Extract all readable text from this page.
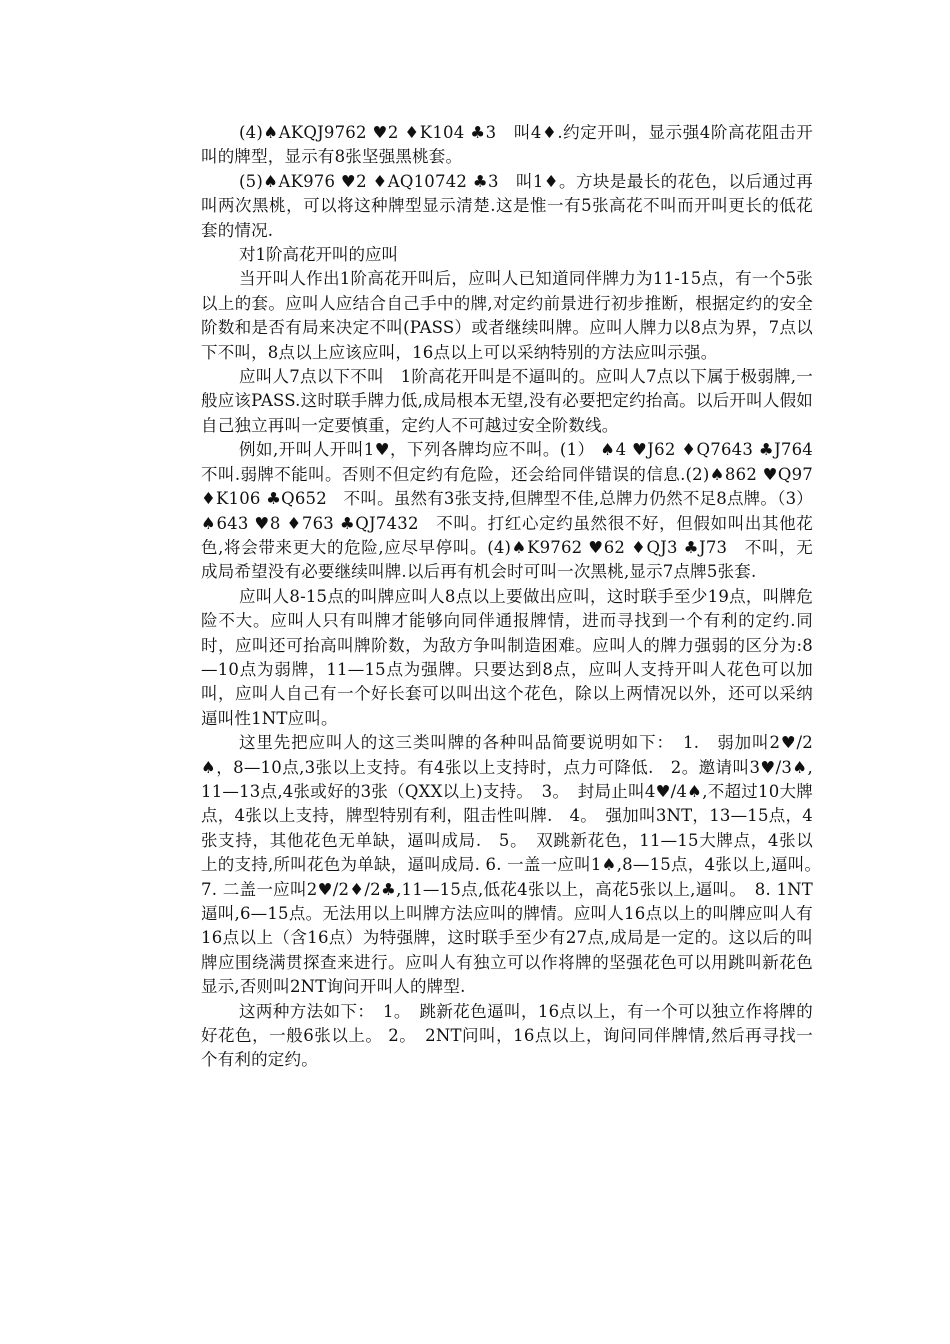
(4)♠AKQJ9762 ♥2 ♦K104 ♣3　叫4♦.约定开叫，显示强4阶高花阻击开叫的牌型，显示有8张坚强黑桃套。

(5)♠AK976 ♥2 ♦AQ10742 ♣3　叫1♦。方块是最长的花色，以后通过再叫两次黑桃，可以将这种牌型显示清楚.这是惟一有5张高花不叫而开叫更长的低花套的情况.

对1阶高花开叫的应叫

当开叫人作出1阶高花开叫后，应叫人已知道同伴牌力为11-15点，有一个5张以上的套。应叫人应结合自己手中的牌,对定约前景进行初步推断，根据定约的安全阶数和是否有局来决定不叫(PASS）或者继续叫牌。应叫人牌力以8点为界，7点以下不叫，8点以上应该应叫，16点以上可以采纳特别的方法应叫示强。

应叫人7点以下不叫　1阶高花开叫是不逼叫的。应叫人7点以下属于极弱牌,一般应该PASS.这时联手牌力低,成局根本无望,没有必要把定约抬高。以后开叫人假如自己独立再叫一定要慎重，定约人不可越过安全阶数线。

例如,开叫人开叫1♥，下列各牌均应不叫。(1） ♠4 ♥J62 ♦Q7643 ♣J764　不叫.弱牌不能叫。否则不但定约有危险，还会给同伴错误的信息.(2)♠862 ♥Q97 ♦K106 ♣Q652　不叫。虽然有3张支持,但牌型不佳,总牌力仍然不足8点牌。（3） ♠643 ♥8 ♦763 ♣QJ7432　不叫。打红心定约虽然很不好，但假如叫出其他花色,将会带来更大的危险,应尽早停叫。(4)♠K9762 ♥62 ♦QJ3 ♣J73　不叫，无成局希望没有必要继续叫牌.以后再有机会时可叫一次黑桃,显示7点牌5张套.

应叫人8-15点的叫牌应叫人8点以上要做出应叫，这时联手至少19点，叫牌危险不大。应叫人只有叫牌才能够向同伴通报牌情，进而寻找到一个有利的定约.同时，应叫还可抬高叫牌阶数，为敌方争叫制造困难。应叫人的牌力强弱的区分为:8—10点为弱牌，11—15点为强牌。只要达到8点，应叫人支持开叫人花色可以加叫，应叫人自己有一个好长套可以叫出这个花色，除以上两情况以外，还可以采纳逼叫性1NT应叫。

这里先把应叫人的这三类叫牌的各种叫品简要说明如下：　1.　弱加叫2♥/2♠，8—10点,3张以上支持。有4张以上支持时，点力可降低.　2。邀请叫3♥/3♠,11—13点,4张或好的3张（QXX以上)支持。　3。　封局止叫4♥/4♠,不超过10大牌点，4张以上支持，牌型特别有利，阻击性叫牌.　4。　强加叫3NT，13—15点，4张支持，其他花色无单缺，逼叫成局.　5。　双跳新花色，11—15大牌点，4张以上的支持,所叫花色为单缺，逼叫成局. 6. 一盖一应叫1♠,8—15点，4张以上,逼叫。　7. 二盖一应叫2♥/2♦/2♣,11—15点,低花4张以上，高花5张以上,逼叫。　8. 1NT逼叫,6—15点。无法用以上叫牌方法应叫的牌情。应叫人16点以上的叫牌应叫人有16点以上（含16点）为特强牌，这时联手至少有27点,成局是一定的。这以后的叫牌应围绕满贯探查来进行。应叫人有独立可以作将牌的坚强花色可以用跳叫新花色显示,否则叫2NT询问开叫人的牌型.

这两种方法如下：　1。　跳新花色逼叫，16点以上，有一个可以独立作将牌的好花色，一般6张以上。 2。　2NT问叫，16点以上，询问同伴牌情,然后再寻找一个有利的定约。
